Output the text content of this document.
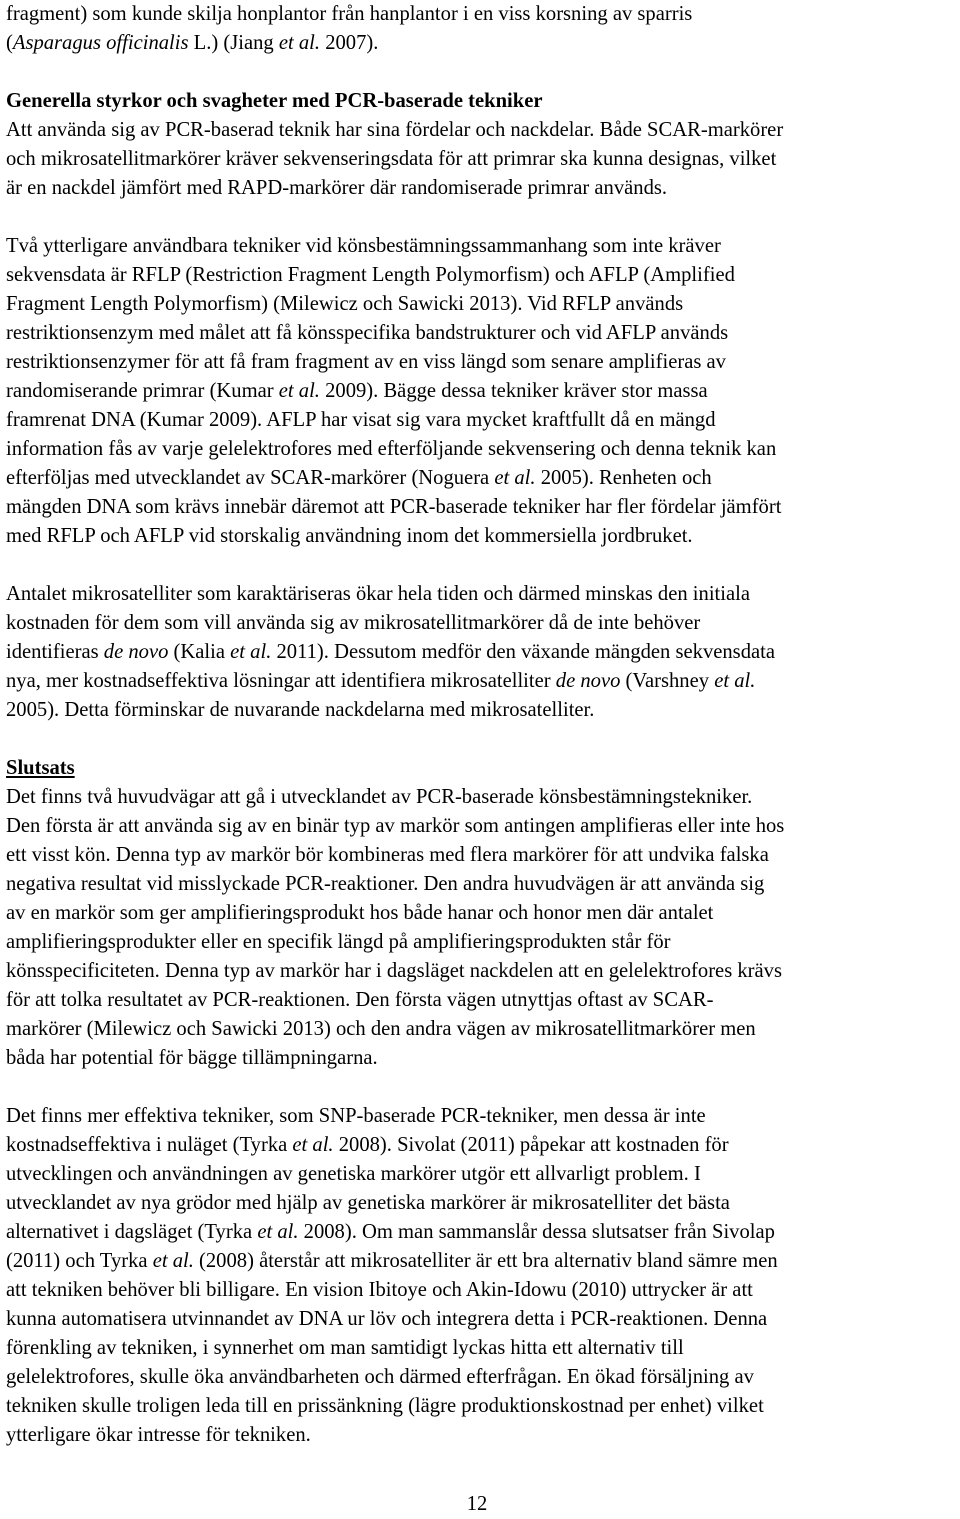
fragment) som kunde skilja honplantor från hanplantor i en viss korsning av sparris
(Asparagus officinalis L.) (Jiang et al. 2007).
Generella styrkor och svagheter med PCR-baserade tekniker
Att använda sig av PCR-baserad teknik har sina fördelar och nackdelar. Både SCAR-markörer
och mikrosatellitmarkörer kräver sekvenseringsdata för att primrar ska kunna designas, vilket
är en nackdel jämfört med RAPD-markörer där randomiserade primrar används.
Två ytterligare användbara tekniker vid könsbestämningssammanhang som inte kräver
sekvensdata är RFLP (Restriction Fragment Length Polymorfism) och AFLP (Amplified
Fragment Length Polymorfism) (Milewicz och Sawicki 2013). Vid RFLP används
restriktionsenzym med målet att få könsspecifika bandstrukturer och vid AFLP används
restriktionsenzymer för att få fram fragment av en viss längd som senare amplifieras av
randomiserande primrar (Kumar et al. 2009). Bägge dessa tekniker kräver stor massa
framrenat DNA (Kumar 2009). AFLP har visat sig vara mycket kraftfullt då en mängd
information fås av varje gelelektrofores med efterföljande sekvensering och denna teknik kan
efterföljas med utvecklandet av SCAR-markörer (Noguera et al. 2005). Renheten och
mängden DNA som krävs innebär däremot att PCR-baserade tekniker har fler fördelar jämfört
med RFLP och AFLP vid storskalig användning inom det kommersiella jordbruket.
Antalet mikrosatelliter som karaktäriseras ökar hela tiden och därmed minskas den initiala
kostnaden för dem som vill använda sig av mikrosatellitmarkörer då de inte behöver
identifieras de novo (Kalia et al. 2011). Dessutom medför den växande mängden sekvensdata
nya, mer kostnadseffektiva lösningar att identifiera mikrosatelliter de novo (Varshney et al.
2005). Detta förminskar de nuvarande nackdelarna med mikrosatelliter.
Slutsats
Det finns två huvudvägar att gå i utvecklandet av PCR-baserade könsbestämningstekniker.
Den första är att använda sig av en binär typ av markör som antingen amplifieras eller inte hos
ett visst kön. Denna typ av markör bör kombineras med flera markörer för att undvika falska
negativa resultat vid misslyckade PCR-reaktioner. Den andra huvudvägen är att använda sig
av en markör som ger amplifieringsprodukt hos både hanar och honor men där antalet
amplifieringsprodukter eller en specifik längd på amplifieringsprodukten står för
könsspecificiteten. Denna typ av markör har i dagsläget nackdelen att en gelelektrofores krävs
för att tolka resultatet av PCR-reaktionen. Den första vägen utnyttjas oftast av SCAR-
markörer (Milewicz och Sawicki 2013) och den andra vägen av mikrosatellitmarkörer men
båda har potential för bägge tillämpningarna.
Det finns mer effektiva tekniker, som SNP-baserade PCR-tekniker, men dessa är inte
kostnadseffektiva i nuläget (Tyrka et al. 2008). Sivolat (2011) påpekar att kostnaden för
utvecklingen och användningen av genetiska markörer utgör ett allvarligt problem. I
utvecklandet av nya grödor med hjälp av genetiska markörer är mikrosatelliter det bästa
alternativet i dagsläget (Tyrka et al. 2008). Om man sammanslår dessa slutsatser från Sivolap
(2011) och Tyrka et al. (2008) återstår att mikrosatelliter är ett bra alternativ bland sämre men
att tekniken behöver bli billigare. En vision Ibitoye och Akin-Idowu (2010) uttrycker är att
kunna automatisera utvinnandet av DNA ur löv och integrera detta i PCR-reaktionen. Denna
förenkling av tekniken, i synnerhet om man samtidigt lyckas hitta ett alternativ till
gelelektrofores, skulle öka användbarheten och därmed efterfrågan. En ökad försäljning av
tekniken skulle troligen leda till en prissänkning (lägre produktionskostnad per enhet) vilket
ytterligare ökar intresse för tekniken.
12
